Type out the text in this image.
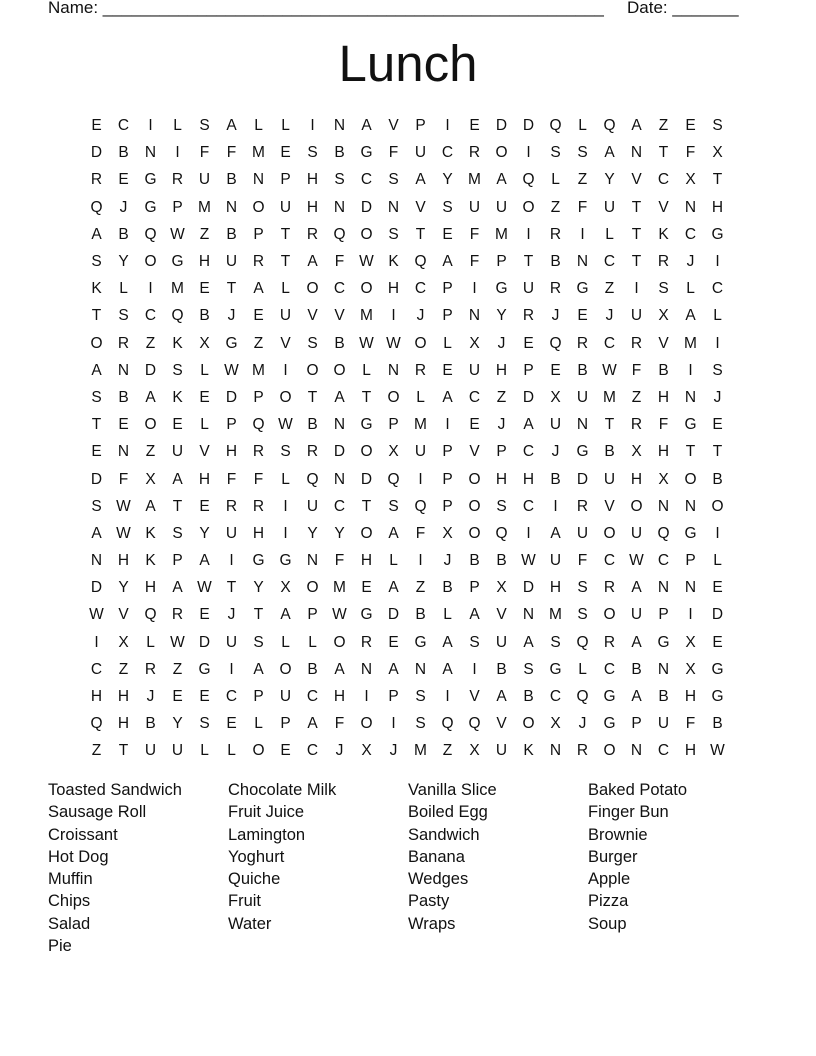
Name: _____________________________________________________ Date: _______
Lunch
E	C	I	L	S	A	L	L	I	N	A	V	P	I	E	D	D Q	L	Q	A	Z	E	S
D	B	N	I	F	F	M E	S	B	G	F	U	C	R O	I	S	S	A	N	T	F	X
R	E	G R	U	B	N	P	H	S	C	S	A	Y M A	Q	L	Z	Y	V	C	X	T
Q	J	G	P M N O U	H	N	D	N	V	S	U	U O	Z	F	U	T	V	N	H
A	B	Q W Z	B	P	T	R Q O	S	T	E	F	M	I	R	I	L	T	K	C G
S	Y	O G H	U	R	T	A	F W K	Q	A	F	P	T	B	N	C	T	R	J	I
K	L	I	M E	T	A	L	O C O H	C	P	I	G U	R G	Z	I	S	L	C
T	S	C Q	B	J	E	U	V	V M	I	J	P	N	Y	R	J	E	J	U	X	A	L
O R	Z	K	X	G	Z	V	S	B W W O	L	X	J	E	Q R	C	R	V M	I
A	N	D	S	L W M	I	O O	L	N	R	E	U	H	P	E	B W F	B	I	S
S	B	A	K	E	D	P	O	T	A	T	O	L	A	C	Z	D	X	U M	Z	H	N	J
T	E	O	E	L	P	Q W B	N G	P M	I	E	J	A	U	N	T	R	F	G	E
E	N	Z	U	V	H	R	S	R	D O	X	U	P	V	P	C	J	G	B	X	H	T	T
D	F	X	A	H	F	F	L	Q N	D Q	I	P	O H	H	B	D	U	H	X	O	B
S W A	T	E	R	R	I	U	C	T	S	Q	P	O	S	C	I	R	V	O N	N O
A W K	S	Y	U	H	I	Y	Y	O	A	F	X	O Q	I	A	U O U Q G	I
N	H	K	P	A	I	G G N	F	H	L	I	J	B	B W U	F	C W C	P	L
D	Y	H	A W T	Y	X	O M E	A	Z	B	P	X	D	H	S	R	A	N	N	E
W V	Q R	E	J	T	A	P W G D	B	L	A	V	N M S	O U	P	I	D
I	X	L W D	U	S	L	L	O R	E	G	A	S	U	A	S	Q R	A	G	X	E
C	Z	R	Z	G	I	A	O	B	A	N	A	N	A	I	B	S	G	L	C	B	N	X	G
H	H	J	E	E	C	P	U	C	H	I	P	S	I	V	A	B	C Q G	A	B	H G
Q H	B	Y	S	E	L	P	A	F	O	I	S	Q Q	V	O	X	J	G	P	U	F	B
Z	T	U	U	L	L	O	E	C	J	X	J	M	Z	X	U	K	N	R O N	C	H W
Toasted Sandwich
Sausage Roll
Croissant
Hot Dog
Muffin
Chips
Salad
Pie
Chocolate Milk
Fruit Juice
Lamington
Yoghurt
Quiche
Fruit
Water
Vanilla Slice
Boiled Egg
Sandwich
Banana
Wedges
Pasty
Wraps
Baked Potato
Finger Bun
Brownie
Burger
Apple
Pizza
Soup
